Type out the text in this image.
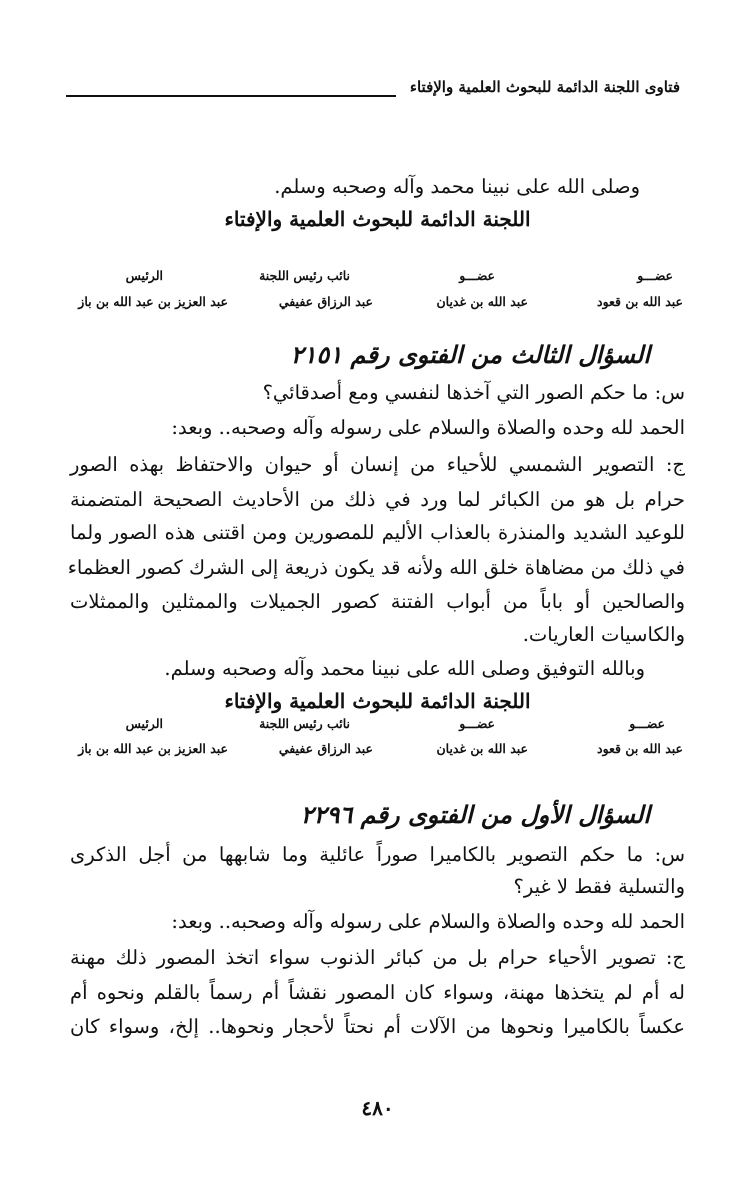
فتاوى اللجنة الدائمة للبحوث العلمية والإفتاء
وصلى الله على نبينا محمد وآله وصحبه وسلم.
اللجنة الدائمة للبحوث العلمية والإفتاء
عضـــو
عضـــو
نائب رئيس اللجنة
الرئيس
عبد الله بن قعود
عبد الله بن غديان
عبد الرزاق عفيفي
عبد العزيز بن عبد الله بن باز
السؤال الثالث من الفتوى رقم ٢١٥١
س: ما حكم الصور التي آخذها لنفسي ومع أصدقائي؟
الحمد لله وحده والصلاة والسلام على رسوله وآله وصحبه.. وبعد:
ج: التصوير الشمسي للأحياء من إنسان أو حيوان والاحتفاظ بهذه الصور
حرام بل هو من الكبائر لما ورد في ذلك من الأحاديث الصحيحة المتضمنة
للوعيد الشديد والمنذرة بالعذاب الأليم للمصورين ومن اقتنى هذه الصور ولما
في ذلك من مضاهاة خلق الله ولأنه قد يكون ذريعة إلى الشرك كصور العظماء
والصالحين أو باباً من أبواب الفتنة كصور الجميلات والممثلين والممثلات
والكاسيات العاريات.
وبالله التوفيق وصلى الله على نبينا محمد وآله وصحبه وسلم.
اللجنة الدائمة للبحوث العلمية والإفتاء
عضـــو
عضـــو
نائب رئيس اللجنة
الرئيس
عبد الله بن قعود
عبد الله بن غديان
عبد الرزاق عفيفي
عبد العزيز بن عبد الله بن باز
السؤال الأول من الفتوى رقم ٢٢٩٦
س: ما حكم التصوير بالكاميرا صوراً عائلية وما شابهها من أجل الذكرى
والتسلية فقط لا غير؟
الحمد لله وحده والصلاة والسلام على رسوله وآله وصحبه.. وبعد:
ج: تصوير الأحياء حرام بل من كبائر الذنوب سواء اتخذ المصور ذلك مهنة
له أم لم يتخذها مهنة، وسواء كان المصور نقشاً أم رسماً بالقلم ونحوه أم
عكساً بالكاميرا ونحوها من الآلات أم نحتاً لأحجار ونحوها.. إلخ، وسواء كان
٤٨٠
